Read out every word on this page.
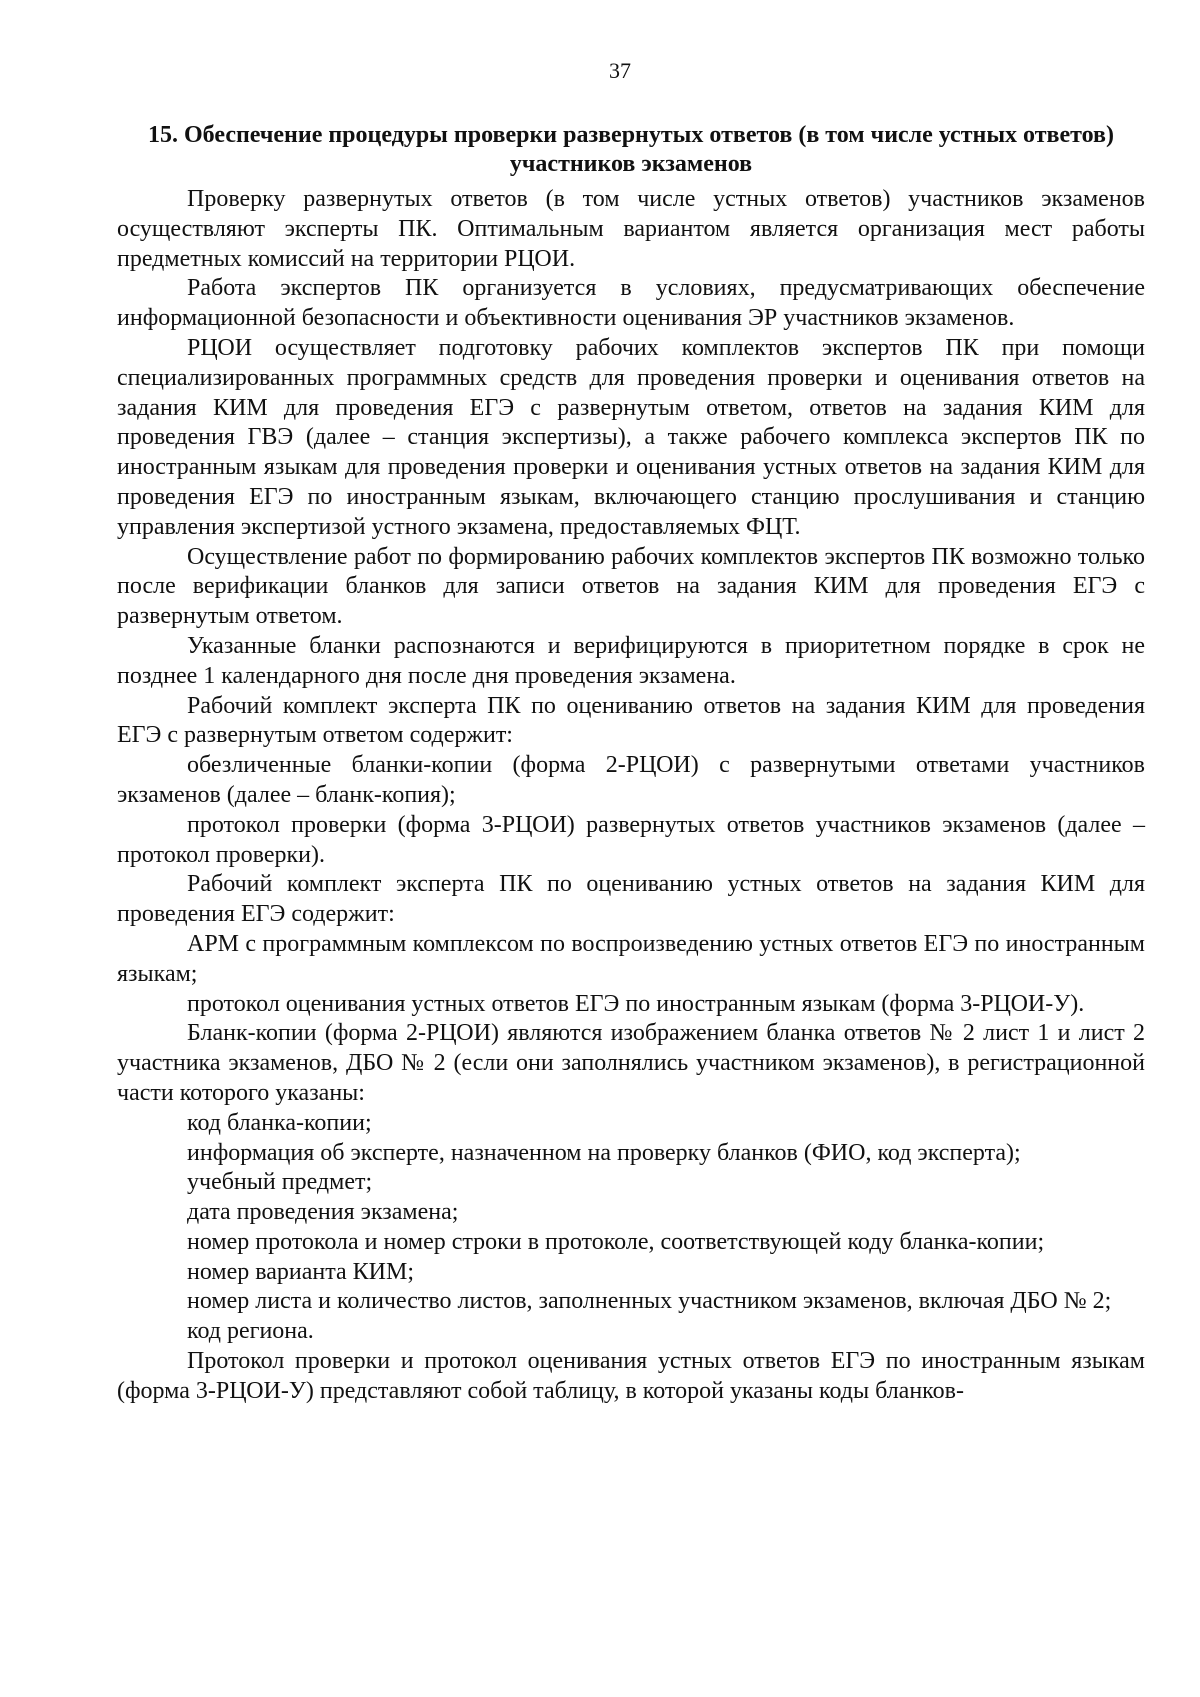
37
15. Обеспечение процедуры проверки развернутых ответов (в том числе устных ответов) участников экзаменов

Проверку развернутых ответов (в том числе устных ответов) участников экзаменов осуществляют эксперты ПК. Оптимальным вариантом является организация мест работы предметных комиссий на территории РЦОИ.

Работа экспертов ПК организуется в условиях, предусматривающих обеспечение информационной безопасности и объективности оценивания ЭР участников экзаменов.

РЦОИ осуществляет подготовку рабочих комплектов экспертов ПК при помощи специализированных программных средств для проведения проверки и оценивания ответов на задания КИМ для проведения ЕГЭ с развернутым ответом, ответов на задания КИМ для проведения ГВЭ (далее – станция экспертизы), а также рабочего комплекса экспертов ПК по иностранным языкам для проведения проверки и оценивания устных ответов на задания КИМ для проведения ЕГЭ по иностранным языкам, включающего станцию прослушивания и станцию управления экспертизой устного экзамена, предоставляемых ФЦТ.

Осуществление работ по формированию рабочих комплектов экспертов ПК возможно только после верификации бланков для записи ответов на задания КИМ для проведения ЕГЭ с развернутым ответом.

Указанные бланки распознаются и верифицируются в приоритетном порядке в срок не позднее 1 календарного дня после дня проведения экзамена.

Рабочий комплект эксперта ПК по оцениванию ответов на задания КИМ для проведения ЕГЭ с развернутым ответом содержит:

обезличенные бланки-копии (форма 2-РЦОИ) с развернутыми ответами участников экзаменов (далее – бланк-копия);

протокол проверки (форма 3-РЦОИ) развернутых ответов участников экзаменов (далее – протокол проверки).

Рабочий комплект эксперта ПК по оцениванию устных ответов на задания КИМ для проведения ЕГЭ содержит:

АРМ с программным комплексом по воспроизведению устных ответов ЕГЭ по иностранным языкам;

протокол оценивания устных ответов ЕГЭ по иностранным языкам (форма 3-РЦОИ-У).

Бланк-копии (форма 2-РЦОИ) являются изображением бланка ответов № 2 лист 1 и лист 2 участника экзаменов, ДБО № 2 (если они заполнялись участником экзаменов), в регистрационной части которого указаны:

код бланка-копии;

информация об эксперте, назначенном на проверку бланков (ФИО, код эксперта);

учебный предмет;

дата проведения экзамена;

номер протокола и номер строки в протоколе, соответствующей коду бланка-копии;

номер варианта КИМ;

номер листа и количество листов, заполненных участником экзаменов, включая ДБО № 2;

код региона.

Протокол проверки и протокол оценивания устных ответов ЕГЭ по иностранным языкам (форма 3-РЦОИ-У) представляют собой таблицу, в которой указаны коды бланков-
